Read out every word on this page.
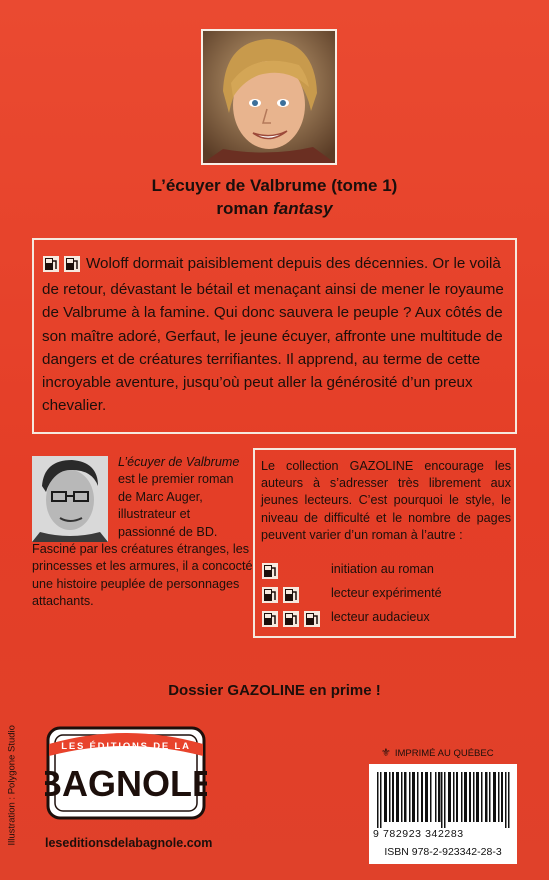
L’écuyer de Valbrume (tome 1)
roman fantasy

Woloff dormait paisiblement depuis des décennies. Or le voilà de retour, dévastant le bétail et menaçant ainsi de mener le royaume de Valbrume à la famine. Qui donc sauvera le peuple ? Aux côtés de son maître adoré, Gerfaut, le jeune écuyer, affronte une multitude de dangers et de créatures terrifiantes. Il apprend, au terme de cette incroyable aventure, jusqu’où peut aller la générosité d’un preux chevalier.

L’écuyer de Valbrume
est le premier roman
de Marc Auger,
illustrateur et
passionné de BD.
Fasciné par les créatures étranges, les princesses et les armures, il a concocté une histoire peuplée de personnages attachants.

Le collection GAZOLINE encourage les auteurs à s’adresser très librement aux jeunes lecteurs. C’est pourquoi le style, le niveau de difficulté et le nombre de pages peuvent varier d’un roman à l’autre :

initiation au roman
lecteur expérimenté
lecteur audacieux
Dossier GAZOLINE en prime !
Illustration : Polygone Studio	LES ÉDITIONS DE LA
BAGNOLE
leseditionsdelabagnole.com
⚜ IMPRIMÉ AU QUÉBEC
9 782923 342283
ISBN 978-2-923342-28-3
